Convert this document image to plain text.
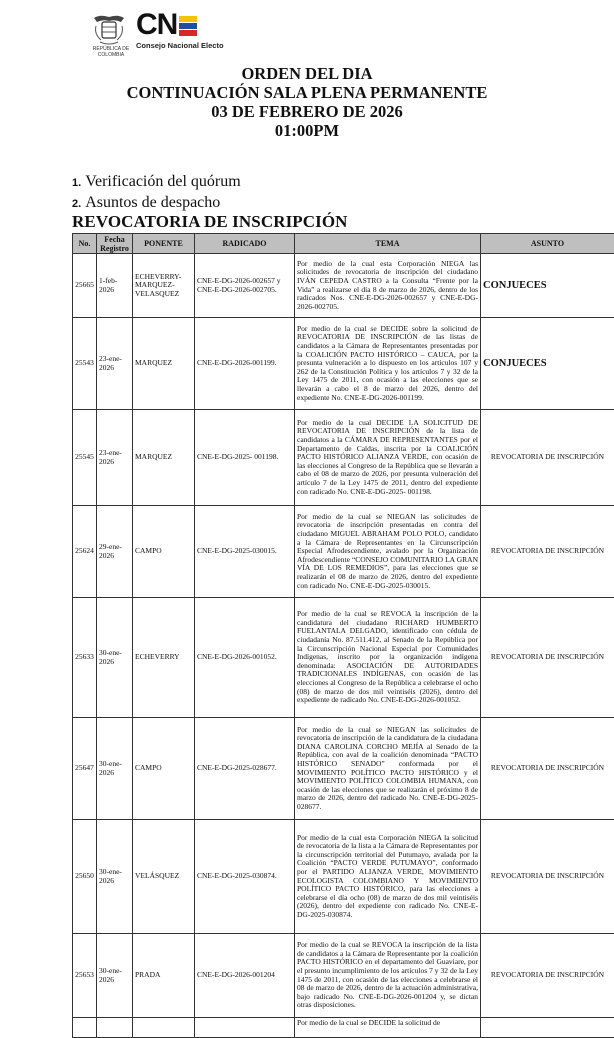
REPÚBLICA DE COLOMBIA
CN
Consejo Nacional Electo
ORDEN DEL DIA
CONTINUACIÓN SALA PLENA PERMANENTE
03 DE FEBRERO DE 2026
01:00PM
1. Verificación del quórum
2. Asuntos de despacho
REVOCATORIA DE INSCRIPCIÓN
No.	Fecha Registro	PONENTE	RADICADO	TEMA	ASUNTO
25665	1-feb-2026	ECHEVERRY-MARQUEZ-VELASQUEZ	CNE-E-DG-2026-002657 y CNE-E-DG-2026-002705.	Por medio de la cual esta Corporación NIEGA las solicitudes de revocatoria de inscripción del ciudadano IVÁN CEPEDA CASTRO a la Consulta “Frente por la Vida” a realizarse el día 8 de marzo de 2026, dentro de los radicados Nos. CNE-E-DG-2026-002657 y CNE-E-DG-2026-002705.	CONJUECES

25543	23-ene-2026	MARQUEZ	CNE-E-DG-2026-001199.	Por medio de la cual se DECIDE sobre la solicitud de REVOCATORIA DE INSCRIPCIÓN de las listas de candidatos a la Cámara de Representantes presentadas por la COALICIÓN PACTO HISTÓRICO – CAUCA, por la presunta vulneración a lo dispuesto en los artículos 107 y 262 de la Constitución Política y los artículos 7 y 32 de la Ley 1475 de 2011, con ocasión a las elecciones que se llevarán a cabo el 8 de marzo del 2026, dentro del expediente No. CNE-E-DG-2026-001199.	CONJUECES

25545	23-ene-2026	MARQUEZ	CNE-E-DG-2025- 001198.	Por medio de la cual DECIDE LA SOLICITUD DE REVOCATORIA DE INSCRIPCIÓN de la lista de candidatos a la CÁMARA DE REPRESENTANTES por el Departamento de Caldas, inscrita por la COALICIÓN PACTO HISTÓRICO ALIANZA VERDE, con ocasión de las elecciones al Congreso de la República que se llevarán a cabo el 08 de marzo de 2026, por presunta vulneración del artículo 7 de la Ley 1475 de 2011, dentro del expediente con radicado No. CNE-E-DG-2025- 001198.	REVOCATORIA DE INSCRIPCIÓN
25624	29-ene-2026	CAMPO	CNE-E-DG-2025-030015.	Por medio de la cual se NIEGAN las solicitudes de revocatoria de inscripción presentadas en contra del ciudadano MIGUEL ABRAHAM POLO POLO, candidato a la Cámara de Representantes en la Circunscripción Especial Afrodescendiente, avalado por la Organización Afrodescendiente “CONSEJO COMUNITARIO LA GRAN VÍA DE LOS REMEDIOS”, para las elecciones que se realizarán el 08 de marzo de 2026, dentro del expediente con radicado No. CNE-E-DG-2025-030015.	REVOCATORIA DE INSCRIPCIÓN
25633	30-ene-2026	ECHEVERRY	CNE-E-DG-2026-001052.	Por medio de la cual se REVOCA la inscripción de la candidatura del ciudadano RICHARD HUMBERTO FUELANTALA DELGADO, identificado con cédula de ciudadanía No. 87.511.412, al Senado de la República por la Circunscripción Nacional Especial por Comunidades Indígenas, inscrito por la organización indígena denominada: ASOCIACIÓN DE AUTORIDADES TRADICIONALES INDÍGENAS, con ocasión de las elecciones al Congreso de la República a celebrarse el ocho (08) de marzo de dos mil veintiséis (2026), dentro del expediente de radicado No. CNE-E-DG-2026-001052.	REVOCATORIA DE INSCRIPCIÓN
25647	30-ene-2026	CAMPO	CNE-E-DG-2025-028677.	Por medio de la cual se NIEGAN las solicitudes de revocatoria de inscripción de la candidatura de la ciudadana DIANA CAROLINA CORCHO MEJÍA al Senado de la República, con aval de la coalición denominada “PACTO HISTÓRICO SENADO” conformada por el MOVIMIENTO POLÍTICO PACTO HISTÓRICO y el MOVIMIENTO POLÍTICO COLOMBIA HUMANA, con ocasión de las elecciones que se realizarán el próximo 8 de marzo de 2026, dentro del radicado No. CNE-E-DG-2025-028677.	REVOCATORIA DE INSCRIPCIÓN
25650	30-ene-2026	VELÁSQUEZ	CNE-E-DG-2025-030874.	Por medio de la cual esta Corporación NIEGA la solicitud de revocatoria de la lista a la Cámara de Representantes por la circunscripción territorial del Putumayo, avalada por la Coalición “PACTO VERDE PUTUMAYO”, conformado por el PARTIDO ALIANZA VERDE, MOVIMIENTO ECOLOGISTA COLOMBIANO Y MOVIMIENTO POLÍTICO PACTO HISTÓRICO, para las elecciones a celebrarse el día ocho (08) de marzo de dos mil veintiséis (2026), dentro del expediente con radicado No. CNE-E-DG-2025-030874.	REVOCATORIA DE INSCRIPCIÓN
25653	30-ene-2026	PRADA	CNE-E-DG-2026-001204	Por medio de la cual se REVOCA la inscripción de la lista de candidatos a la Cámara de Representante por la coalición PACTO HISTÓRICO en el departamento del Guaviare, por el presunto incumplimiento de los artículos 7 y 32 de la Ley 1475 de 2011, con ocasión de las elecciones a celebrarse el 08 de marzo de 2026, dentro de la actuación administrativa, bajo radicado No. CNE-E-DG-2026-001204 y, se dictan otras disposiciones.	REVOCATORIA DE INSCRIPCIÓN
				Por medio de la cual se DECIDE la solicitud de	
